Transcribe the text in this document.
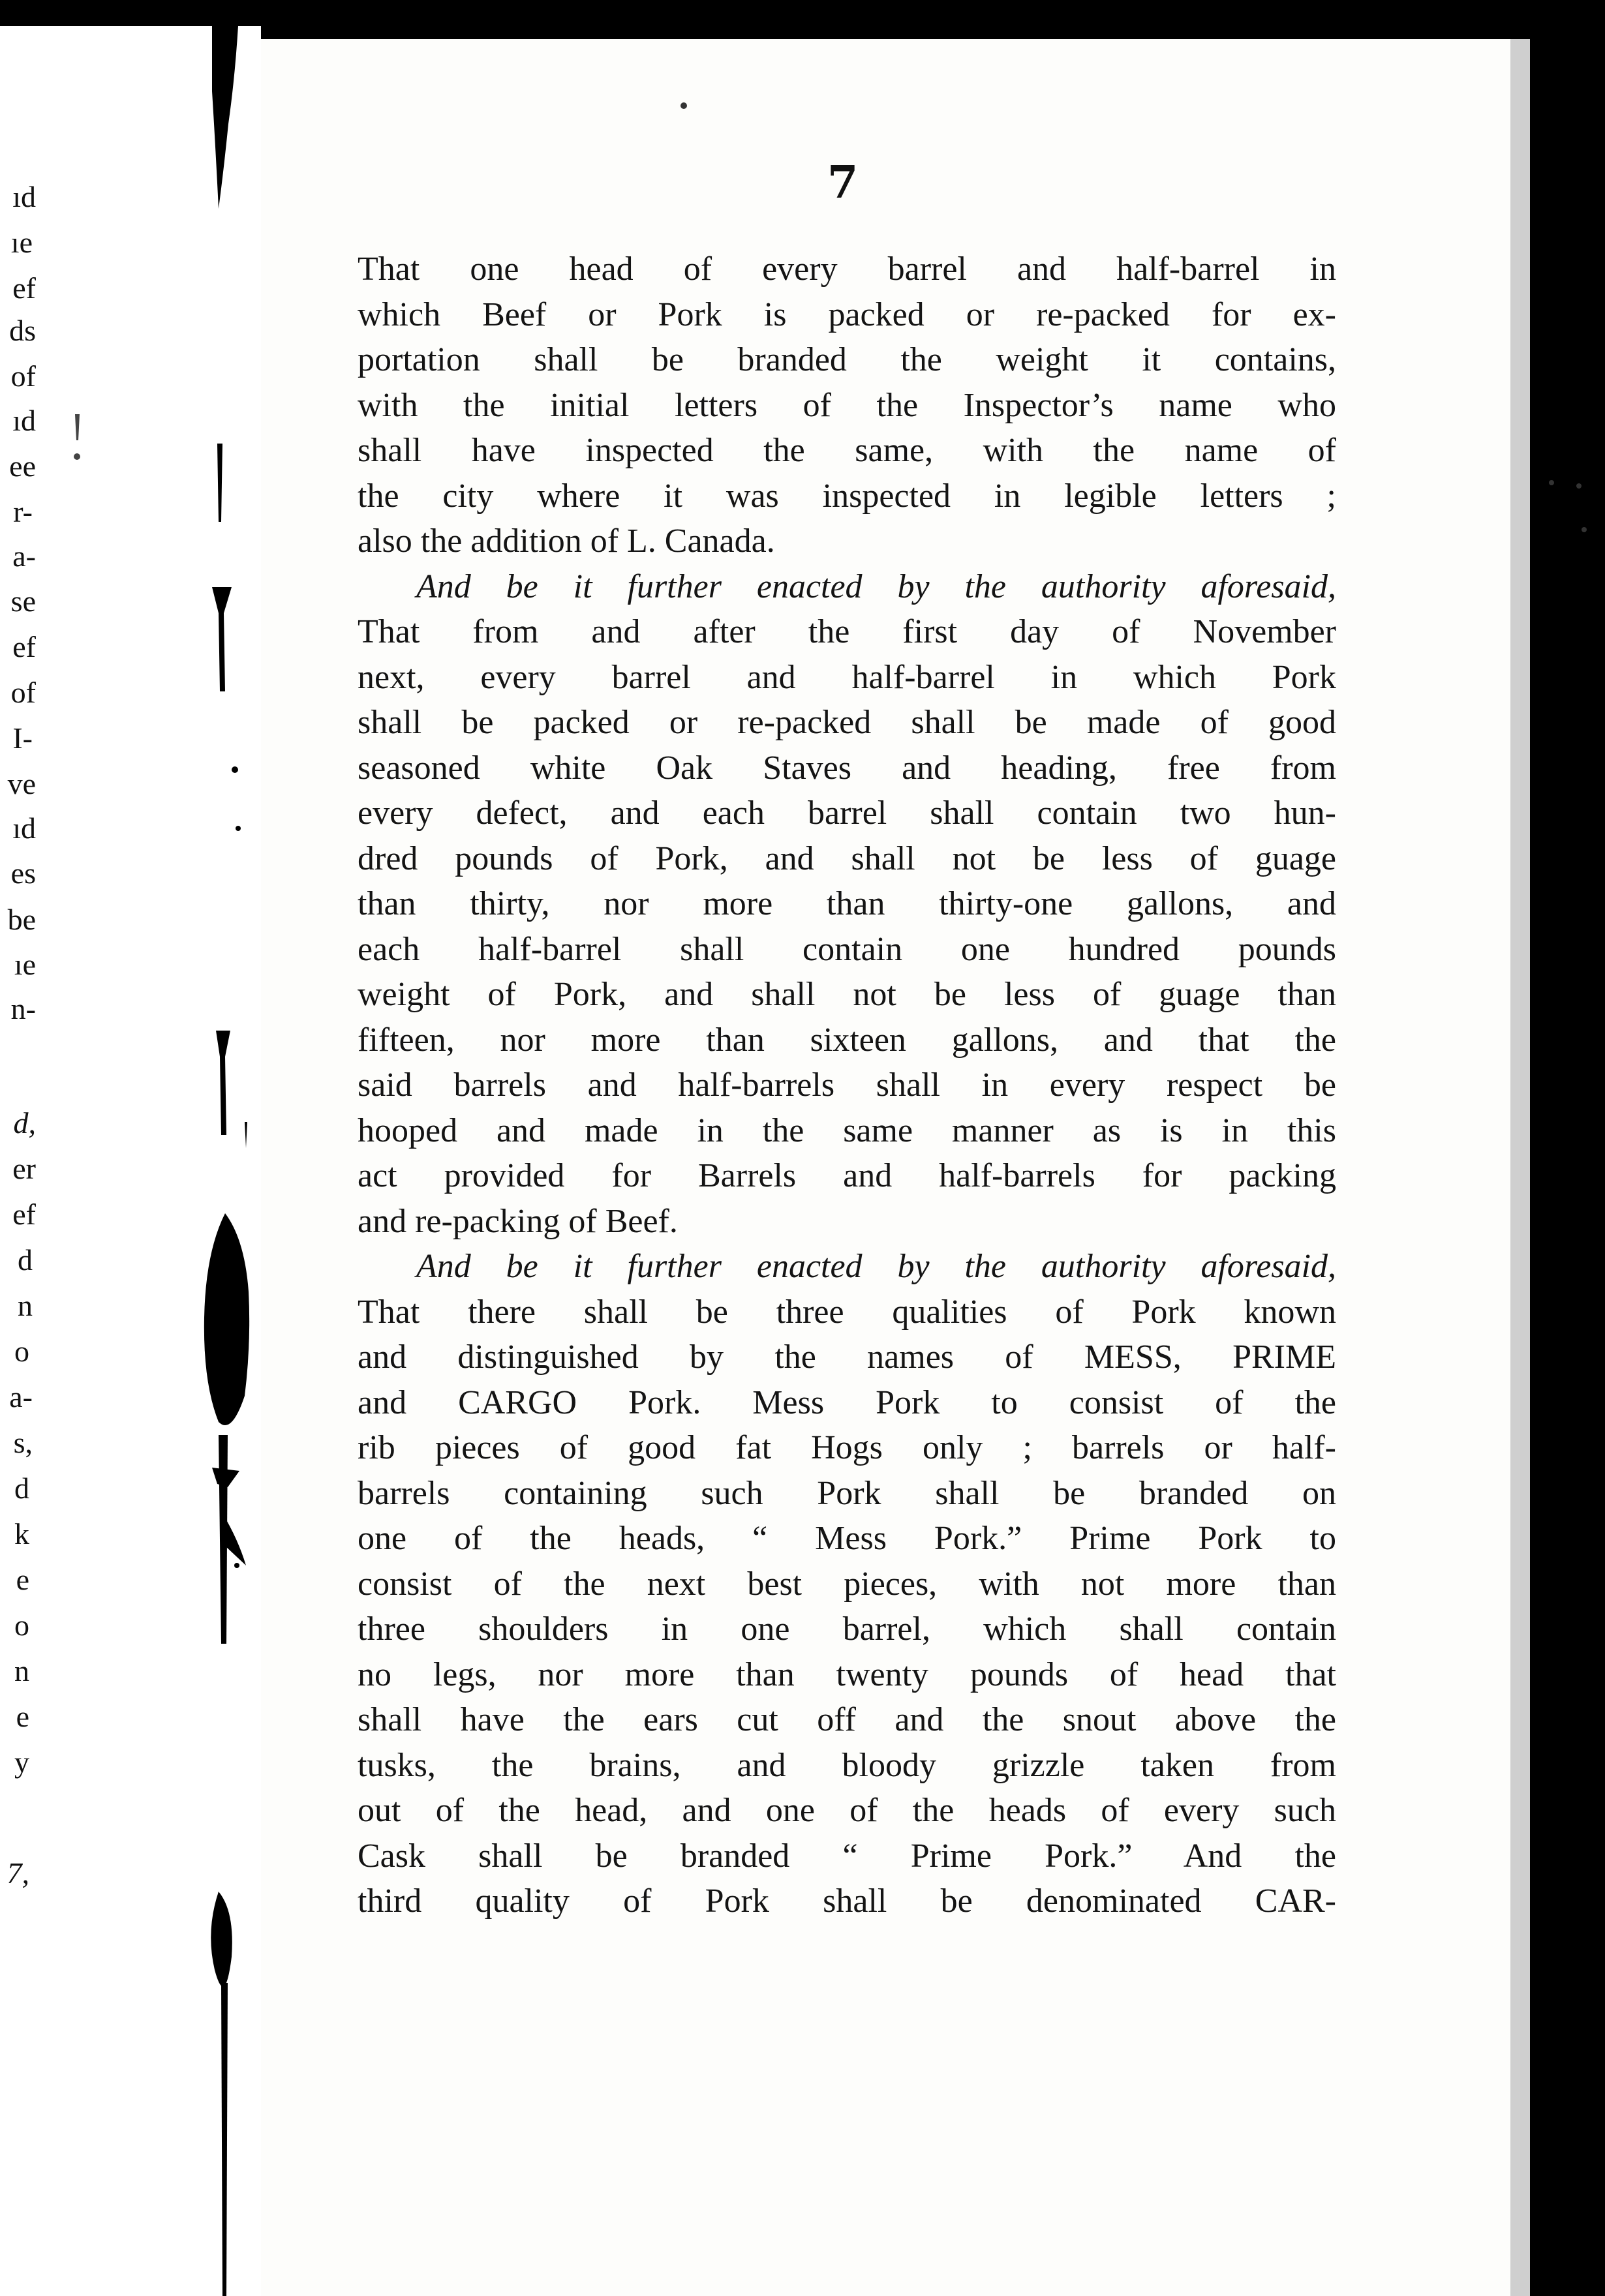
ıd
ıe
ef
ds
of
ıd
ee
r-
a-
se
ef
of
I-
ve
ıd
es
be
ıe
n-
d,
er
ef
d
n
o
a-
s,
d
k
e
o
n
e
y
7,
7
That one head of every barrel and half-barrel in
which Beef or Pork is packed or re-packed for ex-
portation shall be branded the weight it contains,
with the initial letters of the Inspector’s name who
shall have inspected the same, with the name of
the city where it was inspected in legible letters ;
also the addition of L. Canada.
And be it further enacted by the authority aforesaid,
That from and after the first day of November
next, every barrel and half-barrel in which Pork
shall be packed or re-packed shall be made of good
seasoned white Oak Staves and heading, free from
every defect, and each barrel shall contain two hun-
dred pounds of Pork, and shall not be less of guage
than thirty, nor more than thirty-one gallons, and
each half-barrel shall contain one hundred pounds
weight of Pork, and shall not be less of guage than
fifteen, nor more than sixteen gallons, and that the
said barrels and half-barrels shall in every respect be
hooped and made in the same manner as is in this
act provided for Barrels and half-barrels for packing
and re-packing of Beef.
And be it further enacted by the authority aforesaid,
That there shall be three qualities of Pork known
and distinguished by the names of MESS, PRIME
and CARGO Pork. Mess Pork to consist of the
rib pieces of good fat Hogs only ; barrels or half-
barrels containing such Pork shall be branded on
one of the heads, “ Mess Pork.” Prime Pork to
consist of the next best pieces, with not more than
three shoulders in one barrel, which shall contain
no legs, nor more than twenty pounds of head that
shall have the ears cut off and the snout above the
tusks, the brains, and bloody grizzle taken from
out of the head, and one of the heads of every such
Cask shall be branded “ Prime Pork.” And the
third quality of Pork shall be denominated CAR-
